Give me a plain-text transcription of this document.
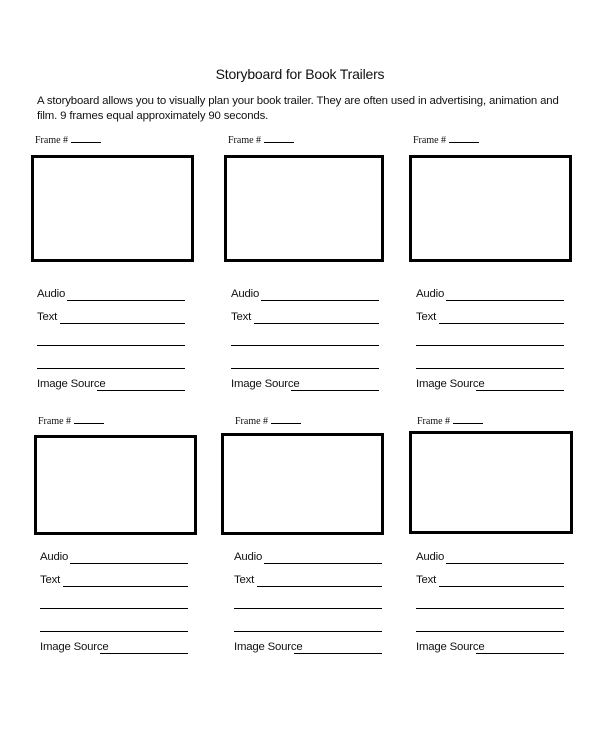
Storyboard for Book Trailers
A storyboard allows you to visually plan your book trailer. They are often used in advertising, animation and film. 9 frames equal approximately 90 seconds.
Frame #
Audio
Text
Image Source
Frame #
Audio
Text
Image Source
Frame #
Audio
Text
Image Source
Frame #
Audio
Text
Image Source
Frame #
Audio
Text
Image Source
Frame #
Audio
Text
Image Source
